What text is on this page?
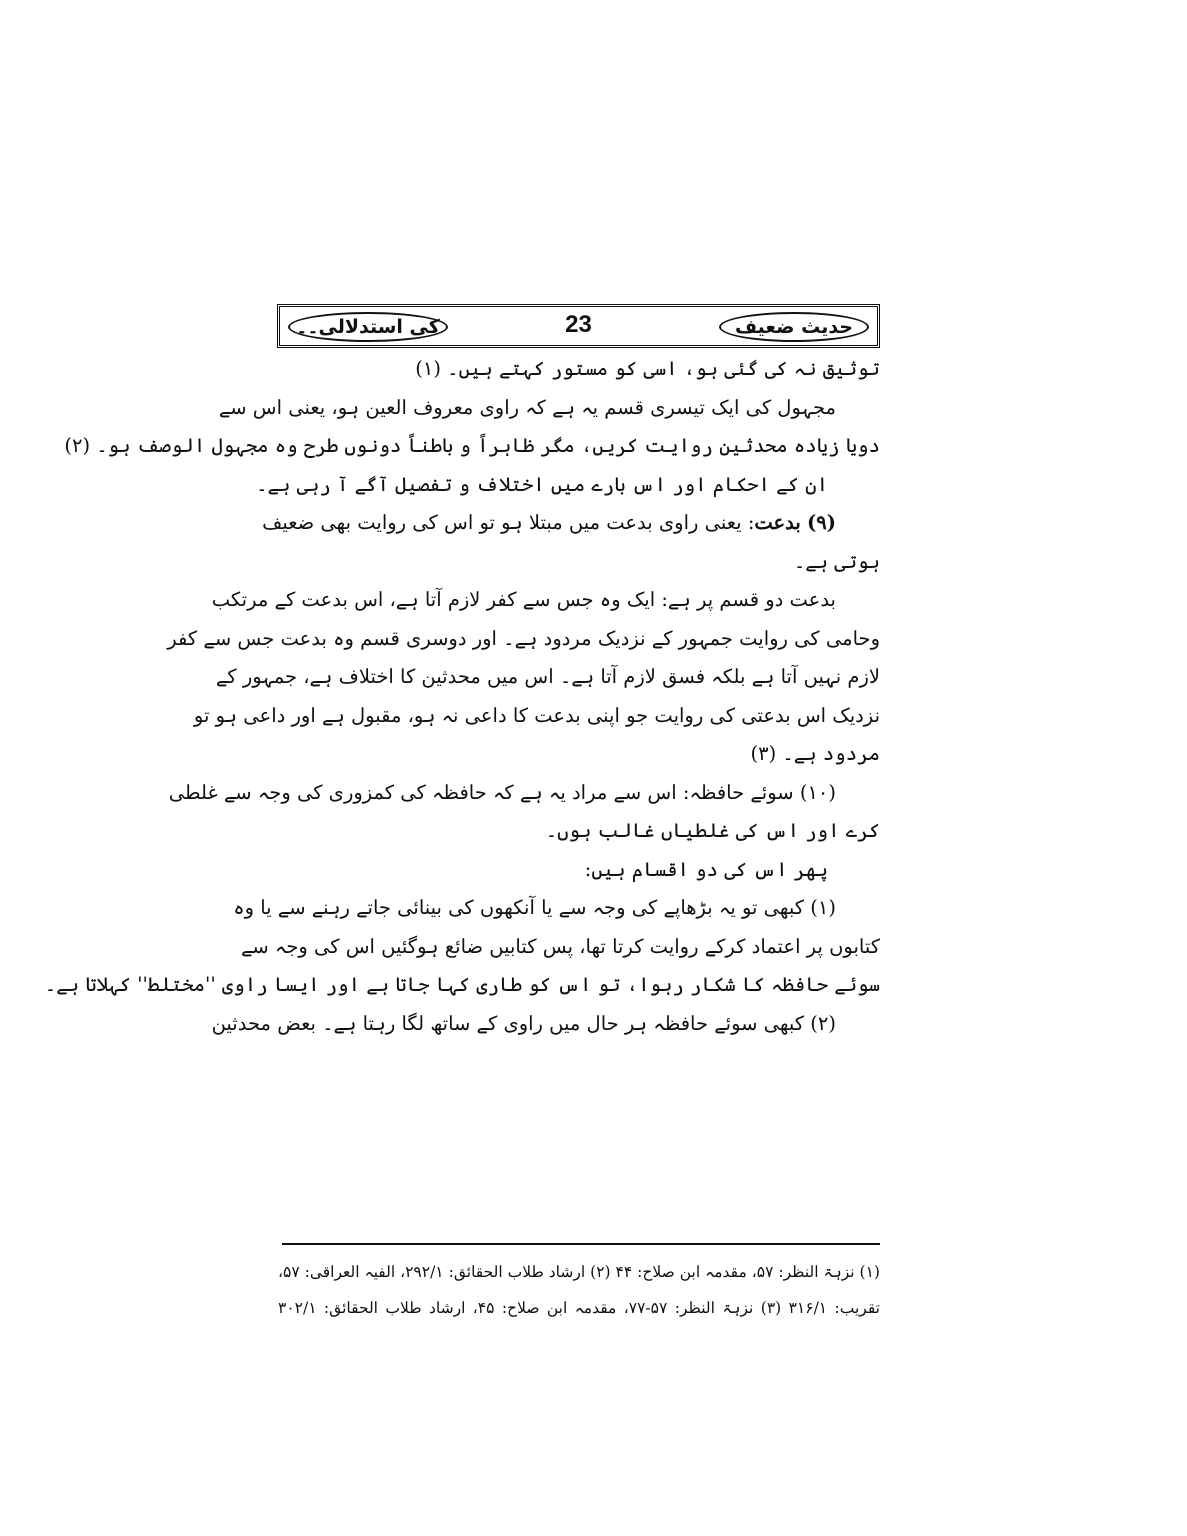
حدیث ضعیف
23
کی استدلالی۔۔
توثیق نہ کی گئی ہو، اسی کو مستور کہتے ہیں۔ (۱)
مجہول کی ایک تیسری قسم یہ ہے کہ راوی معروف العین ہو، یعنی اس سے
دویا زیادہ محدثین روایت کریں، مگر ظاہراً و باطناً دونوں طرح وہ مجہول الوصف ہو۔ (۲)
ان کے احکام اور اس بارے میں اختلاف و تفصیل آگے آ رہی ہے۔
(۹) بدعت: یعنی راوی بدعت میں مبتلا ہو تو اس کی روایت بھی ضعیف
ہوتی ہے۔
بدعت دو قسم پر ہے: ایک وہ جس سے کفر لازم آتا ہے، اس بدعت کے مرتکب
وحامی کی روایت جمہور کے نزدیک مردود ہے۔ اور دوسری قسم وہ بدعت جس سے کفر
لازم نہیں آتا ہے بلکہ فسق لازم آتا ہے۔ اس میں محدثین کا اختلاف ہے، جمہور کے
نزدیک اس بدعتی کی روایت جو اپنی بدعت کا داعی نہ ہو، مقبول ہے اور داعی ہو تو
مردود ہے۔ (۳)
(۱۰) سوئے حافظہ: اس سے مراد یہ ہے کہ حافظہ کی کمزوری کی وجہ سے غلطی
کرے اور اس کی غلطیاں غالب ہوں۔
پھر اس کی دو اقسام ہیں:
(۱) کبھی تو یہ بڑھاپے کی وجہ سے یا آنکھوں کی بینائی جاتے رہنے سے یا وہ
کتابوں پر اعتماد کرکے روایت کرتا تھا، پس کتابیں ضائع ہوگئیں اس کی وجہ سے
سوئے حافظہ کا شکار رہوا، تو اس کو طاری کہا جاتا ہے اور ایسا راوی ''مختلط'' کہلاتا ہے۔
(۲) کبھی سوئے حافظہ ہر حال میں راوی کے ساتھ لگا رہتا ہے۔ بعض محدثین
(۱) نزہۃ النظر: ۵۷، مقدمہ ابن صلاح: ۴۴ (۲) ارشاد طلاب الحقائق: ۲۹۲/۱، الفیہ العراقی: ۵۷،
تقریب: ۳۱۶/۱ (۳) نزہۃ النظر: ۵۷-۷۷، مقدمہ ابن صلاح: ۴۵، ارشاد طلاب الحقائق: ۳۰۲/۱
